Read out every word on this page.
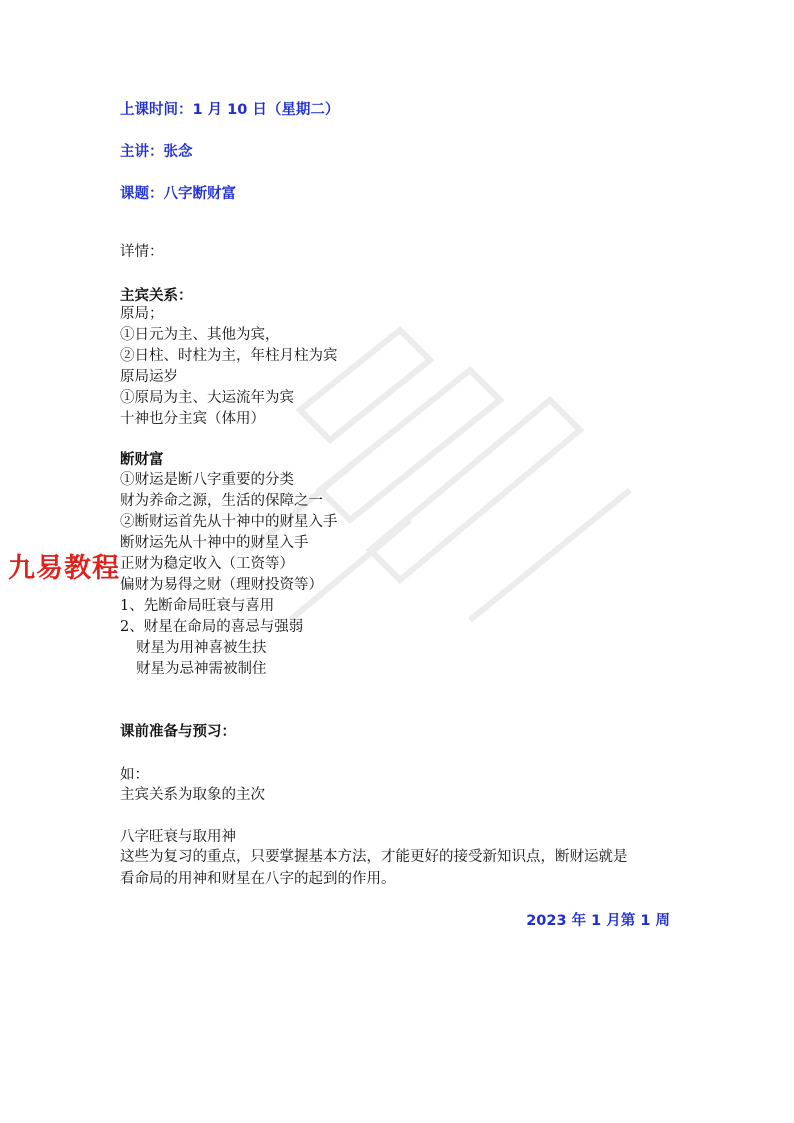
上课时间：1 月 10 日（星期二）
主讲：张念
课题：八字断财富
详情：
主宾关系：
原局；
①日元为主、其他为宾，
②日柱、时柱为主，年柱月柱为宾
原局运岁
①原局为主、大运流年为宾
十神也分主宾（体用）
断财富
①财运是断八字重要的分类
财为养命之源，生活的保障之一
②断财运首先从十神中的财星入手
断财运先从十神中的财星入手
正财为稳定收入（工资等）
偏财为易得之财（理财投资等）
1、先断命局旺衰与喜用
2、财星在命局的喜忌与强弱
财星为用神喜被生扶
财星为忌神需被制住
九易教程
课前准备与预习：
如：
主宾关系为取象的主次
八字旺衰与取用神
这些为复习的重点，只要掌握基本方法，才能更好的接受新知识点，断财运就是
看命局的用神和财星在八字的起到的作用。
2023 年 1 月第 1 周
